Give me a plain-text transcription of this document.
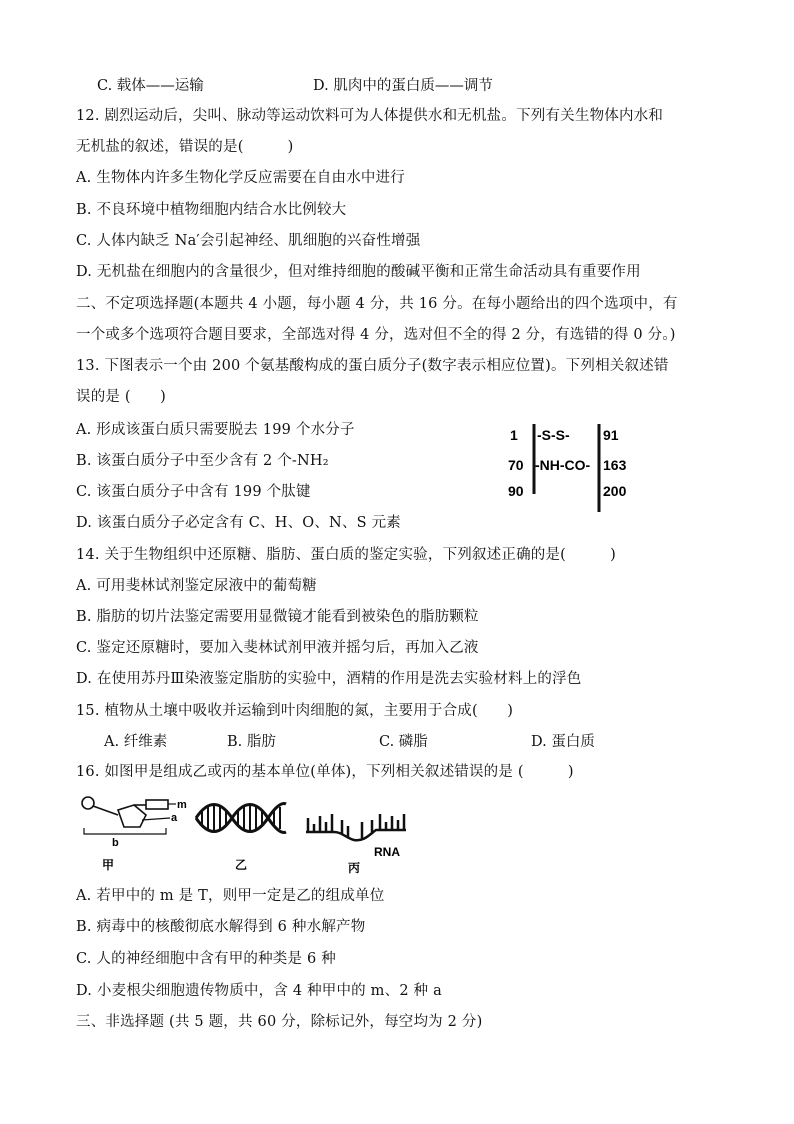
C. 载体——运输	D. 肌肉中的蛋白质——调节
12. 剧烈运动后，尖叫、脉动等运动饮料可为人体提供水和无机盐。下列有关生物体内水和
无机盐的叙述，错误的是(　　　)
A. 生物体内许多生物化学反应需要在自由水中进行
B. 不良环境中植物细胞内结合水比例较大
C. 人体内缺乏 Na′会引起神经、肌细胞的兴奋性增强
D. 无机盐在细胞内的含量很少，但对维持细胞的酸碱平衡和正常生命活动具有重要作用
二、不定项选择题(本题共 4 小题，每小题 4 分，共 16 分。在每小题给出的四个选项中，有
一个或多个选项符合题目要求，全部选对得 4 分，选对但不全的得 2 分，有选错的得 0 分。)
13. 下图表示一个由 200 个氨基酸构成的蛋白质分子(数字表示相应位置)。下列相关叙述错
误的是 (　　)
A. 形成该蛋白质只需要脱去 199 个水分子
B. 该蛋白质分子中至少含有 2 个-NH₂
C. 该蛋白质分子中含有 199 个肽键
D. 该蛋白质分子必定含有 C、H、O、N、S 元素
1 -S-S- 91
70 -NH-CO- 163
90	200
14. 关于生物组织中还原糖、脂肪、蛋白质的鉴定实验，下列叙述正确的是(　　　)
A. 可用斐林试剂鉴定尿液中的葡萄糖
B. 脂肪的切片法鉴定需要用显微镜才能看到被染色的脂肪颗粒
C. 鉴定还原糖时，要加入斐林试剂甲液并摇匀后，再加入乙液
D. 在使用苏丹Ⅲ染液鉴定脂肪的实验中，酒精的作用是洗去实验材料上的浮色
15. 植物从土壤中吸收并运输到叶肉细胞的氮，主要用于合成(　　)
A. 纤维素	B. 脂肪	C. 磷脂	D. 蛋白质
16. 如图甲是组成乙或丙的基本单位(单体)，下列相关叙述错误的是 (　　　)
m
a
b
甲	乙
RNA
丙
A. 若甲中的 m 是 T，则甲一定是乙的组成单位
B. 病毒中的核酸彻底水解得到 6 种水解产物
C. 人的神经细胞中含有甲的种类是 6 种
D. 小麦根尖细胞遗传物质中，含 4 种甲中的 m、2 种 a
三、非选择题 (共 5 题，共 60 分，除标记外，每空均为 2 分)
